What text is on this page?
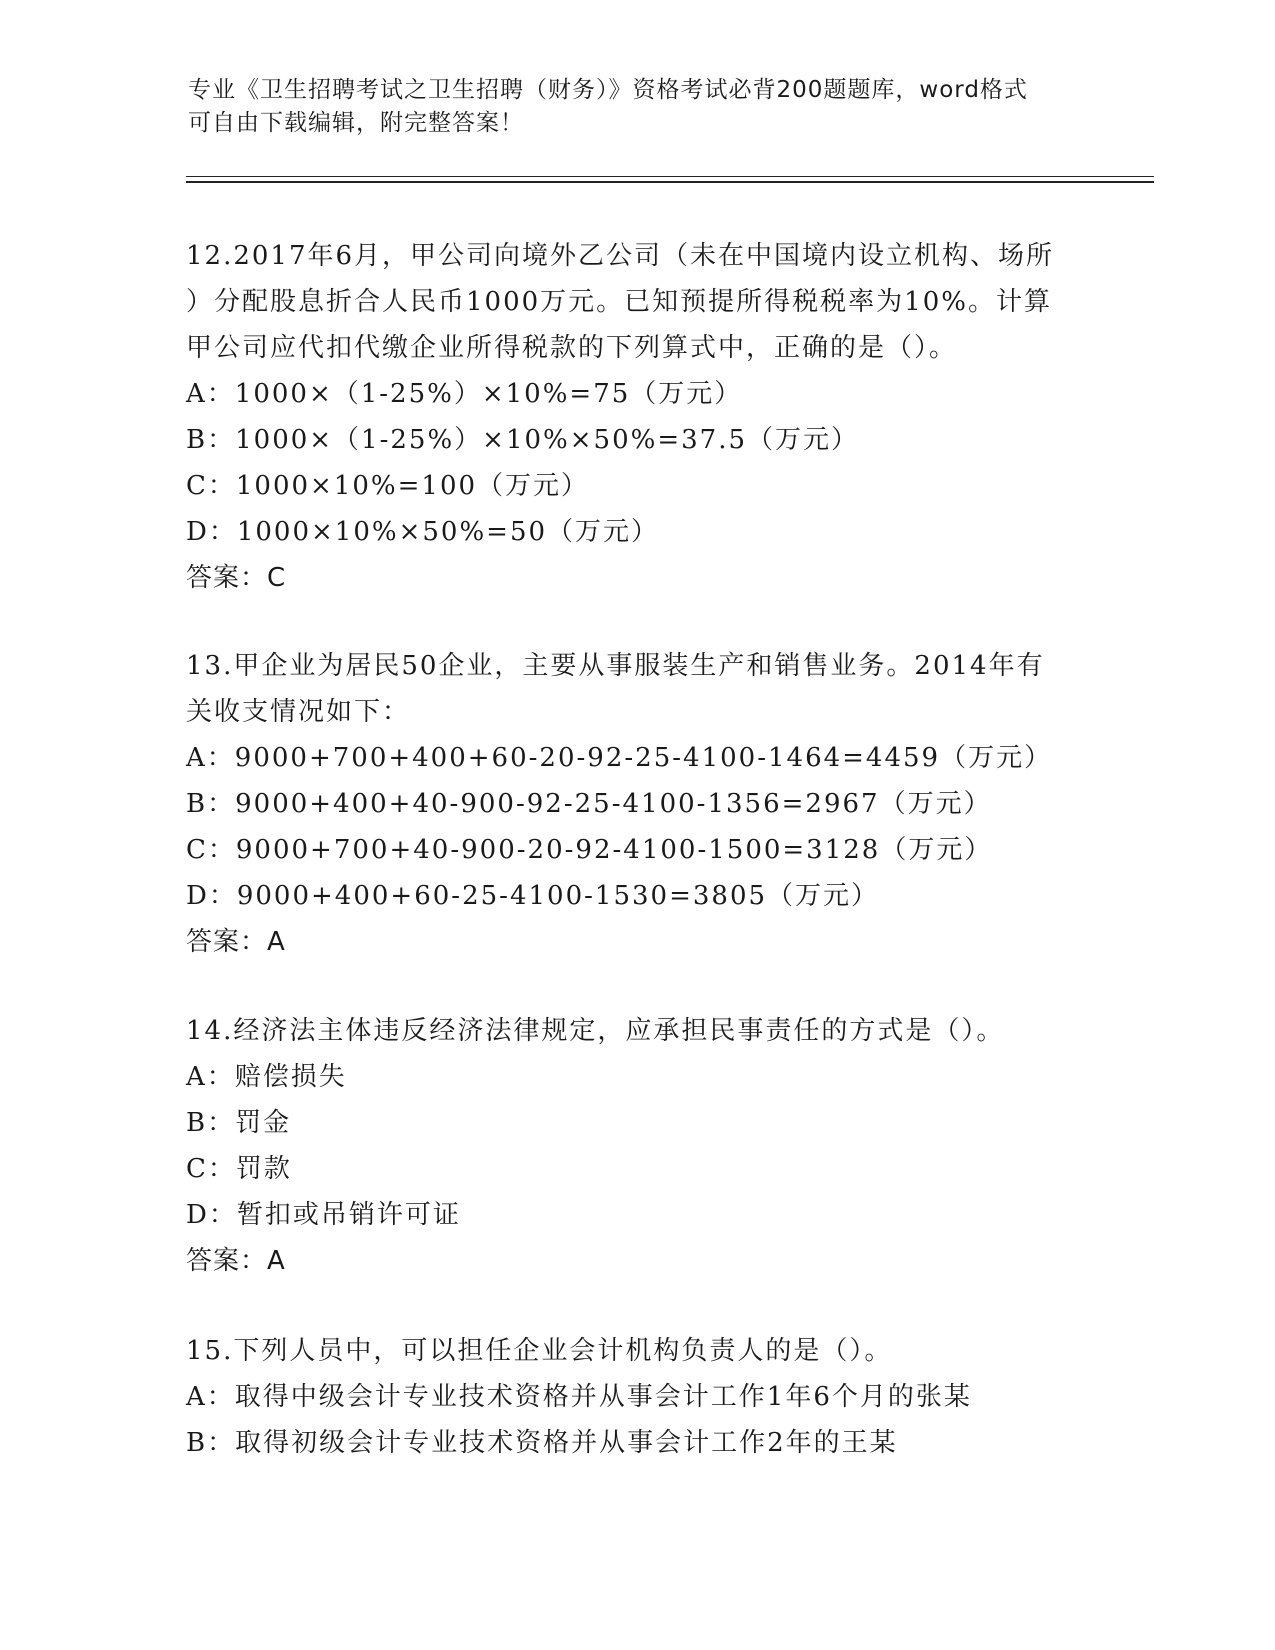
专业《卫生招聘考试之卫生招聘（财务）》资格考试必背200题题库，word格式
可自由下载编辑，附完整答案！
12.2017年6月，甲公司向境外乙公司（未在中国境内设立机构、场所
）分配股息折合人民币1000万元。已知预提所得税税率为10%。计算
甲公司应代扣代缴企业所得税款的下列算式中，正确的是（）。
A：1000×（1-25%）×10%=75（万元）
B：1000×（1-25%）×10%×50%=37.5（万元）
C：1000×10%=100（万元）
D：1000×10%×50%=50（万元）
答案：C
13.甲企业为居民50企业，主要从事服装生产和销售业务。2014年有
关收支情况如下：
A：9000+700+400+60-20-92-25-4100-1464=4459（万元）
B：9000+400+40-900-92-25-4100-1356=2967（万元）
C：9000+700+40-900-20-92-4100-1500=3128（万元）
D：9000+400+60-25-4100-1530=3805（万元）
答案：A
14.经济法主体违反经济法律规定，应承担民事责任的方式是（）。
A：赔偿损失
B：罚金
C：罚款
D：暂扣或吊销许可证
答案：A
15.下列人员中，可以担任企业会计机构负责人的是（）。
A：取得中级会计专业技术资格并从事会计工作1年6个月的张某
B：取得初级会计专业技术资格并从事会计工作2年的王某
